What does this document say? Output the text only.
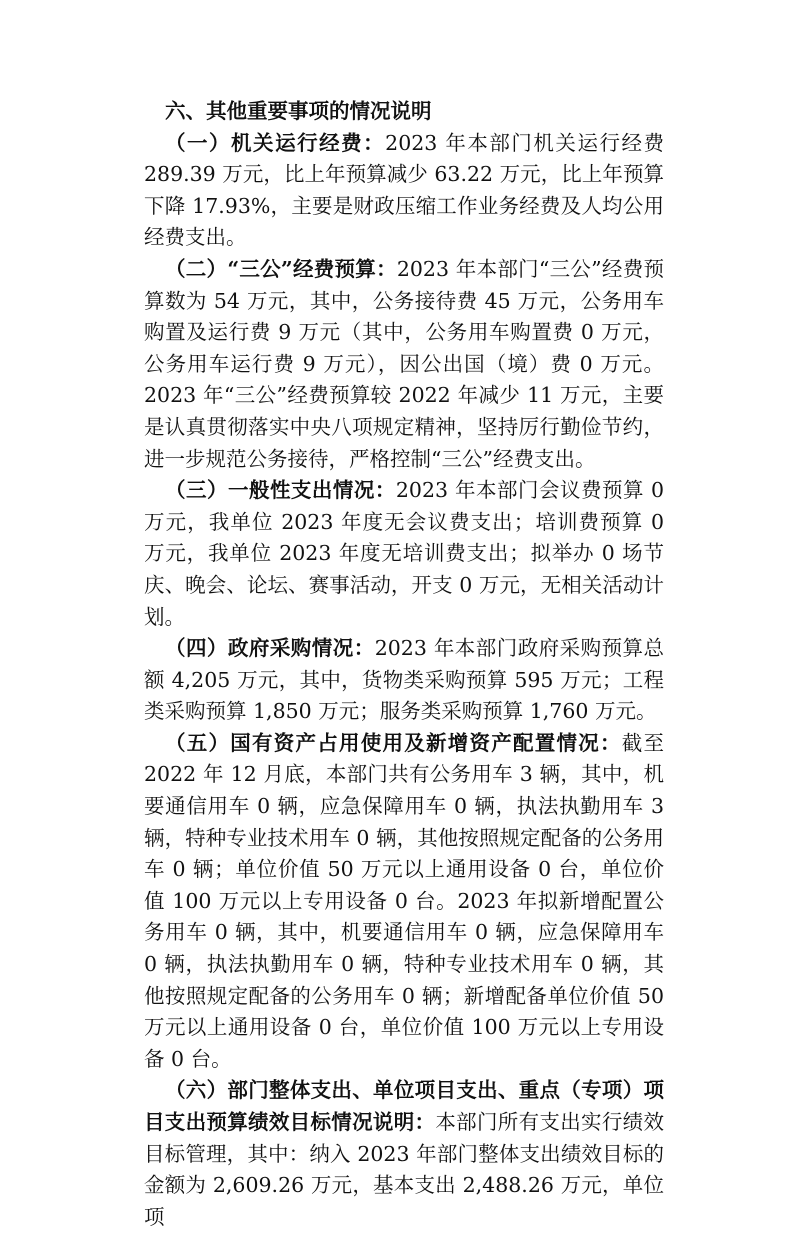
六、其他重要事项的情况说明

（一）机关运行经费：2023 年本部门机关运行经费 289.39 万元，比上年预算减少 63.22 万元，比上年预算下降 17.93%，主要是财政压缩工作业务经费及人均公用经费支出。

（二）“三公”经费预算：2023 年本部门“三公”经费预算数为 54 万元，其中，公务接待费 45 万元，公务用车购置及运行费 9 万元（其中，公务用车购置费 0 万元，公务用车运行费 9 万元），因公出国（境）费 0 万元。2023 年“三公”经费预算较 2022 年减少 11 万元，主要是认真贯彻落实中央八项规定精神，坚持厉行勤俭节约，进一步规范公务接待，严格控制“三公”经费支出。

（三）一般性支出情况：2023 年本部门会议费预算 0 万元，我单位 2023 年度无会议费支出；培训费预算 0 万元，我单位 2023 年度无培训费支出；拟举办 0 场节庆、晚会、论坛、赛事活动，开支 0 万元，无相关活动计划。

（四）政府采购情况：2023 年本部门政府采购预算总额 4,205 万元，其中，货物类采购预算 595 万元；工程类采购预算 1,850 万元；服务类采购预算 1,760 万元。

（五）国有资产占用使用及新增资产配置情况：截至 2022 年 12 月底，本部门共有公务用车 3 辆，其中，机要通信用车 0 辆，应急保障用车 0 辆，执法执勤用车 3 辆，特种专业技术用车 0 辆，其他按照规定配备的公务用车 0 辆；单位价值 50 万元以上通用设备 0 台，单位价值 100 万元以上专用设备 0 台。2023 年拟新增配置公务用车 0 辆，其中，机要通信用车 0 辆，应急保障用车 0 辆，执法执勤用车 0 辆，特种专业技术用车 0 辆，其他按照规定配备的公务用车 0 辆；新增配备单位价值 50 万元以上通用设备 0 台，单位价值 100 万元以上专用设备 0 台。

（六）部门整体支出、单位项目支出、重点（专项）项目支出预算绩效目标情况说明：本部门所有支出实行绩效目标管理，其中：纳入 2023 年部门整体支出绩效目标的金额为 2,609.26 万元，基本支出 2,488.26 万元，单位项
